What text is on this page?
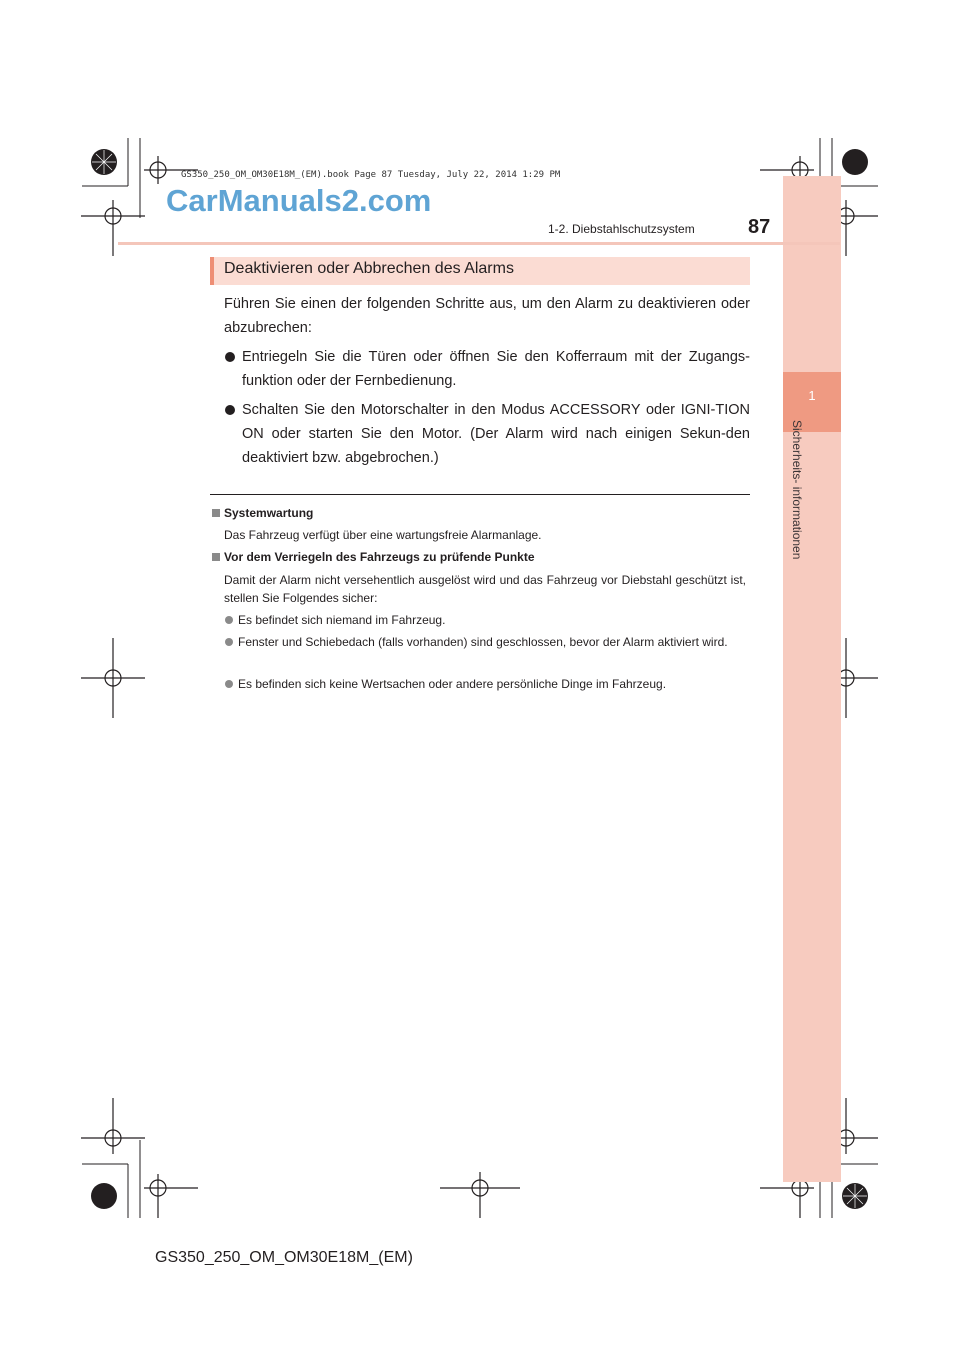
1
Sicherheits- informationen
GS350_250_OM_OM30E18M_(EM).book Page 87 Tuesday, July 22, 2014 1:29 PM
CarManuals2.com
1-2. Diebstahlschutzsystem	87
Deaktivieren oder Abbrechen des Alarms
Führen Sie einen der folgenden Schritte aus, um den Alarm zu deaktivieren oder abzubrechen:
Entriegeln Sie die Türen oder öffnen Sie den Kofferraum mit der Zugangs-funktion oder der Fernbedienung.
Schalten Sie den Motorschalter in den Modus ACCESSORY oder IGNI-TION ON oder starten Sie den Motor. (Der Alarm wird nach einigen Sekun-den deaktiviert bzw. abgebrochen.)
Systemwartung
Das Fahrzeug verfügt über eine wartungsfreie Alarmanlage.
Vor dem Verriegeln des Fahrzeugs zu prüfende Punkte
Damit der Alarm nicht versehentlich ausgelöst wird und das Fahrzeug vor Diebstahl geschützt ist, stellen Sie Folgendes sicher:
Es befindet sich niemand im Fahrzeug.
Fenster und Schiebedach (falls vorhanden) sind geschlossen, bevor der Alarm aktiviert wird.
Es befinden sich keine Wertsachen oder andere persönliche Dinge im Fahrzeug.
GS350_250_OM_OM30E18M_(EM)
